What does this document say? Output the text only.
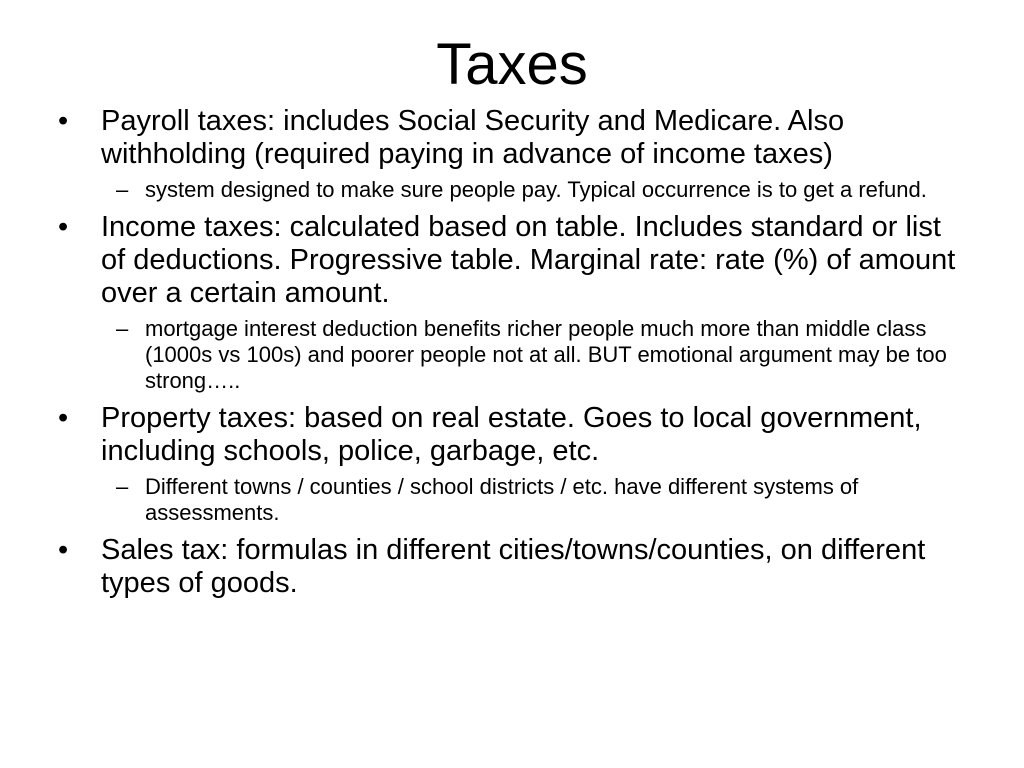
Taxes
• Payroll taxes: includes Social Security and Medicare. Also withholding (required paying in advance of income taxes)
– system designed to make sure people pay. Typical occurrence is to get a refund.
• Income taxes: calculated based on table. Includes standard or list of deductions. Progressive table. Marginal rate: rate (%) of amount over a certain amount.
– mortgage interest deduction benefits richer people much more than middle class (1000s vs 100s) and poorer people not at all. BUT emotional argument may be too strong…..
• Property taxes: based on real estate. Goes to local government, including schools, police, garbage, etc.
– Different towns / counties / school districts / etc. have different systems of assessments.
• Sales tax: formulas in different cities/towns/counties, on different types of goods.
